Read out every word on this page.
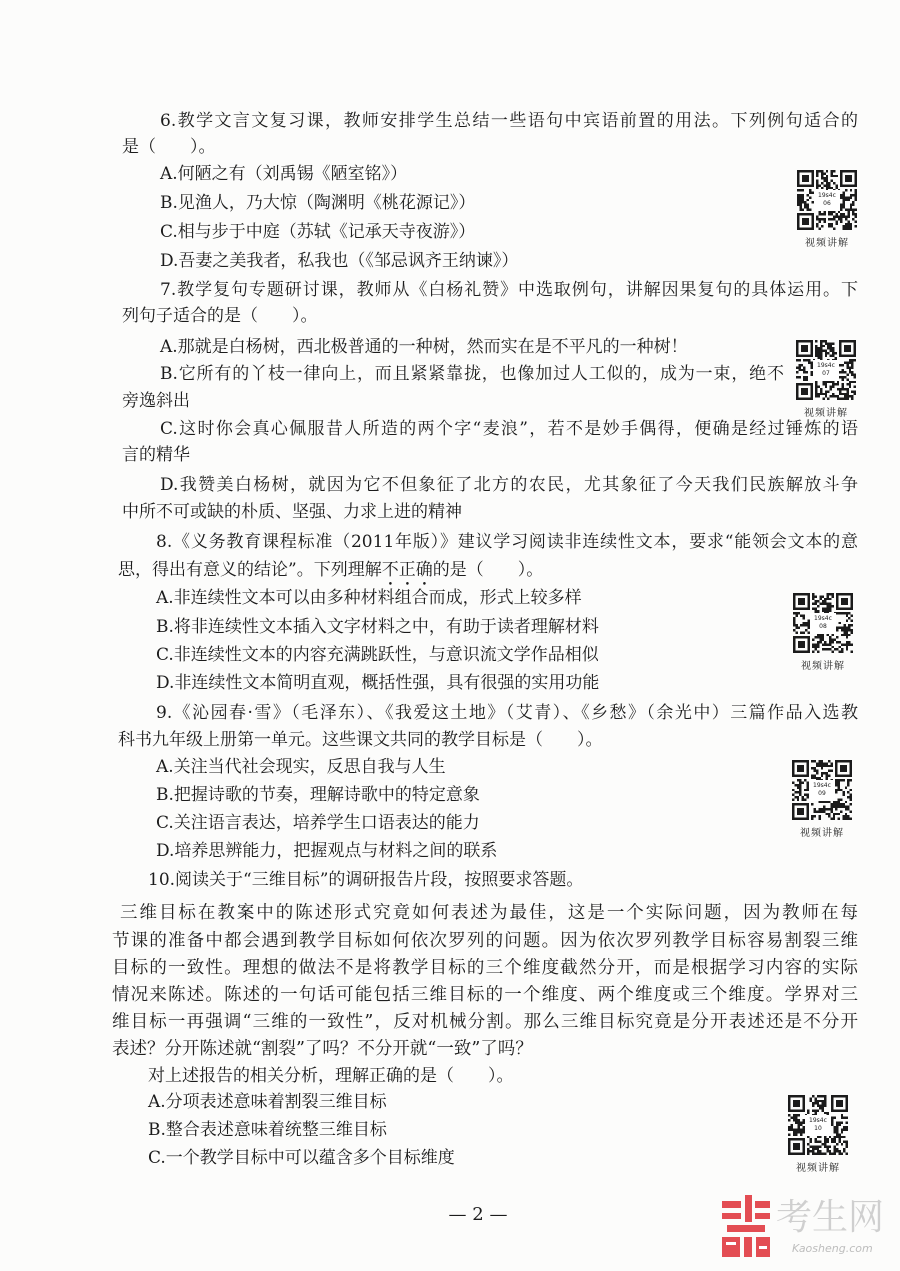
6.教学文言文复习课，教师安排学生总结一些语句中宾语前置的用法。下列例句适合的
是（　　）。
A.何陋之有（刘禹锡《陋室铭》）
B.见渔人，乃大惊（陶渊明《桃花源记》）
C.相与步于中庭（苏轼《记承天寺夜游》）
D.吾妻之美我者，私我也（《邹忌讽齐王纳谏》）
7.教学复句专题研讨课，教师从《白杨礼赞》中选取例句，讲解因果复句的具体运用。下
列句子适合的是（　　）。
A.那就是白杨树，西北极普通的一种树，然而实在是不平凡的一种树！
B.它所有的丫枝一律向上，而且紧紧靠拢，也像加过人工似的，成为一束，绝不
旁逸斜出
C.这时你会真心佩服昔人所造的两个字“麦浪”，若不是妙手偶得，便确是经过锤炼的语
言的精华
D.我赞美白杨树，就因为它不但象征了北方的农民，尤其象征了今天我们民族解放斗争
中所不可或缺的朴质、坚强、力求上进的精神
8.《义务教育课程标准（2011年版）》建议学习阅读非连续性文本，要求“能领会文本的意
思，得出有意义的结论”。下列理解不正确的是（　　）。
A.非连续性文本可以由多种材料组合而成，形式上较多样
B.将非连续性文本插入文字材料之中，有助于读者理解材料
C.非连续性文本的内容充满跳跃性，与意识流文学作品相似
D.非连续性文本简明直观，概括性强，具有很强的实用功能
9.《沁园春·雪》（毛泽东）、《我爱这土地》（艾青）、《乡愁》（余光中）三篇作品入选教
科书九年级上册第一单元。这些课文共同的教学目标是（　　）。
A.关注当代社会现实，反思自我与人生
B.把握诗歌的节奏，理解诗歌中的特定意象
C.关注语言表达，培养学生口语表达的能力
D.培养思辨能力，把握观点与材料之间的联系
10.阅读关于“三维目标”的调研报告片段，按照要求答题。
三维目标在教案中的陈述形式究竟如何表述为最佳，这是一个实际问题，因为教师在每
节课的准备中都会遇到教学目标如何依次罗列的问题。因为依次罗列教学目标容易割裂三维
目标的一致性。理想的做法不是将教学目标的三个维度截然分开，而是根据学习内容的实际
情况来陈述。陈述的一句话可能包括三维目标的一个维度、两个维度或三个维度。学界对三
维目标一再强调“三维的一致性”，反对机械分割。那么三维目标究竟是分开表述还是不分开
表述？分开陈述就“割裂”了吗？不分开就“一致”了吗？
对上述报告的相关分析，理解正确的是（　　）。
A.分项表述意味着割裂三维目标
B.整合表述意味着统整三维目标
C.一个教学目标中可以蕴含多个目标维度
19s4c
06
视频讲解
19s4c
07
视频讲解
19s4c
08
视频讲解
19s4c
09
视频讲解
19s4c
10
视频讲解
— 2 —	考生网
Kaosheng.com
